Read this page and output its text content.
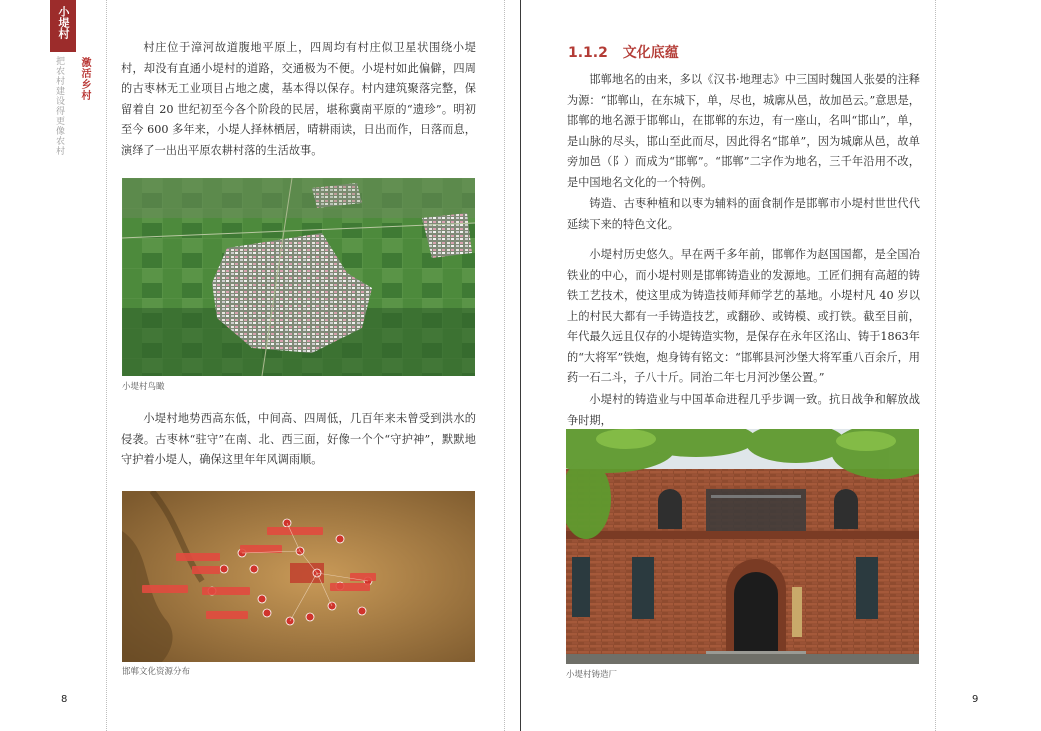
小堤村
把农村建设得更像农村 激活乡村

村庄位于漳河故道腹地平原上，四周均有村庄似卫星状围绕小堤村，却没有直通小堤村的道路，交通极为不便。小堤村如此偏僻，四周的古枣林无工业项目占地之虞，基本得以保存。村内建筑聚落完整，保留着自 20 世纪初至今各个阶段的民居，堪称冀南平原的“遗珍”。明初至今 600 多年来，小堤人择林栖居，晴耕雨读，日出而作，日落而息，演绎了一出出平原农耕村落的生活故事。

小堤村鸟瞰

小堤村地势西高东低，中间高、四周低，几百年来未曾受到洪水的侵袭。古枣林“驻守”在南、北、西三面，好像一个个“守护神”，默默地守护着小堤人，确保这里年年风调雨顺。

邯郸文化资源分布
8
1.1.2 文化底蕴

邯郸地名的由来，多以《汉书·地理志》中三国时魏国人张晏的注释为源：“邯郸山，在东城下，单，尽也，城廓从邑，故加邑云。”意思是，邯郸的地名源于邯郸山，在邯郸的东边，有一座山，名叫“邯山”，单，是山脉的尽头，邯山至此而尽，因此得名“邯单”，因为城廓从邑，故单旁加邑（阝）而成为“邯郸”。“邯郸”二字作为地名，三千年沿用不改，是中国地名文化的一个特例。

铸造、古枣种植和以枣为辅料的面食制作是邯郸市小堤村世世代代延续下来的特色文化。

小堤村历史悠久。早在两千多年前，邯郸作为赵国国都，是全国冶铁业的中心，而小堤村则是邯郸铸造业的发源地。工匠们拥有高超的铸铁工艺技术，使这里成为铸造技师拜师学艺的基地。小堤村凡 40 岁以上的村民大都有一手铸造技艺，或翻砂、或铸模、或打铁。截至目前，年代最久远且仅存的小堤铸造实物，是保存在永年区洺山、铸于1863年的“大将军”铁炮，炮身铸有铭文：“邯郸县河沙堡大将军重八百余斤，用药一石二斗，子八十斤。同治二年七月河沙堡公置。”

小堤村的铸造业与中国革命进程几乎步调一致。抗日战争和解放战争时期，

小堤村铸造厂
9
